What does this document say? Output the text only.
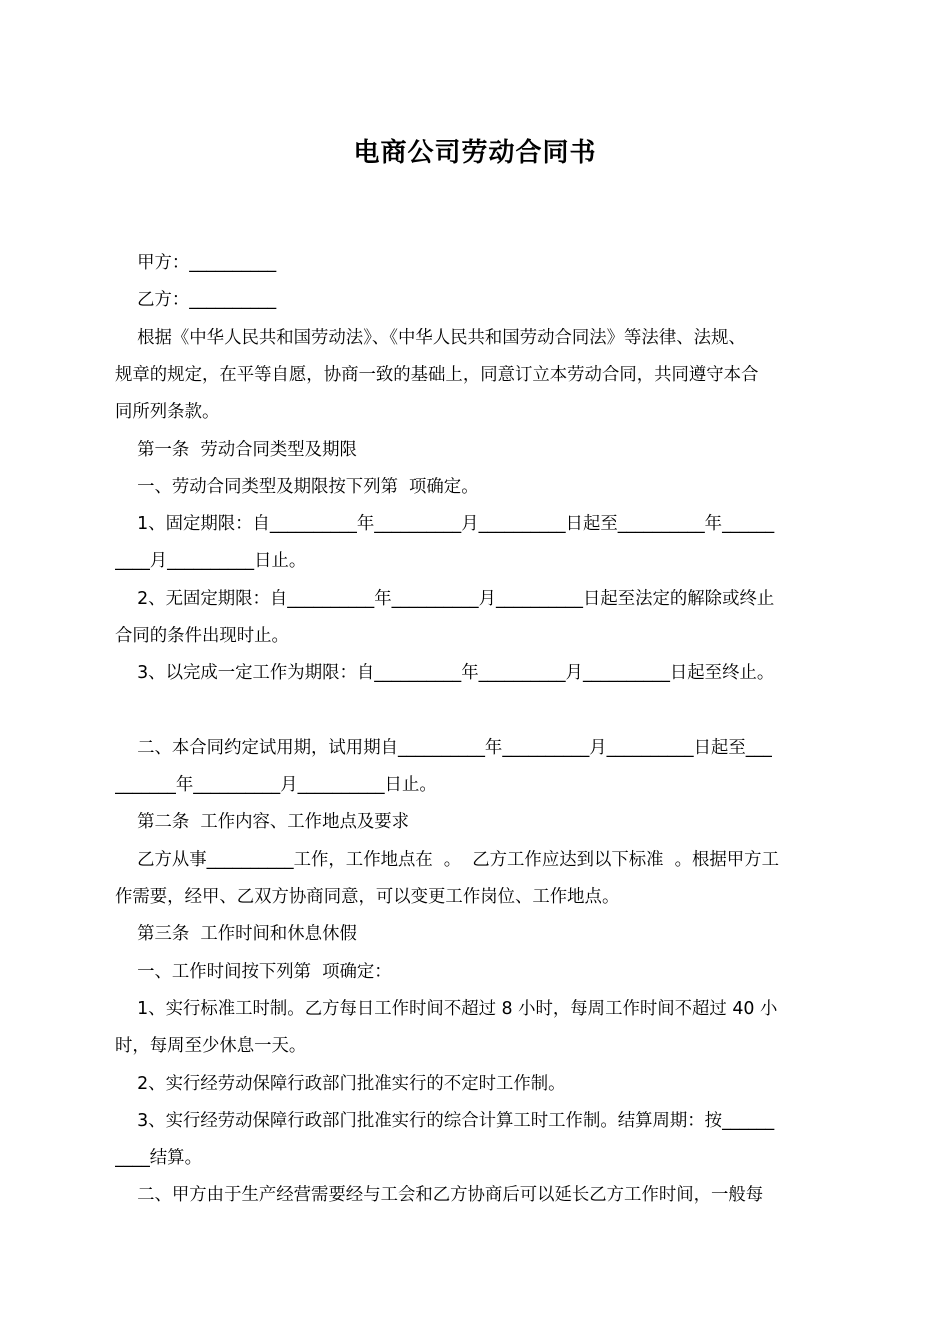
电商公司劳动合同书
甲方：__________
乙方：__________
根据《中华人民共和国劳动法》、《中华人民共和国劳动合同法》等法律、法规、
规章的规定，在平等自愿，协商一致的基础上，同意订立本劳动合同，共同遵守本合
同所列条款。
第一条  劳动合同类型及期限
一、劳动合同类型及期限按下列第  项确定。
1、固定期限：自__________年__________月__________日起至__________年______
____月__________日止。
2、无固定期限：自__________年__________月__________日起至法定的解除或终止
合同的条件出现时止。
3、以完成一定工作为期限：自__________年__________月__________日起至终止。
二、本合同约定试用期，试用期自__________年__________月__________日起至___
_______年__________月__________日止。
第二条  工作内容、工作地点及要求
乙方从事__________工作，工作地点在  。  乙方工作应达到以下标准  。根据甲方工
作需要，经甲、乙双方协商同意，可以变更工作岗位、工作地点。
第三条  工作时间和休息休假
一、工作时间按下列第  项确定：
1、实行标准工时制。乙方每日工作时间不超过 8 小时，每周工作时间不超过 40 小
时，每周至少休息一天。
2、实行经劳动保障行政部门批准实行的不定时工作制。
3、实行经劳动保障行政部门批准实行的综合计算工时工作制。结算周期：按______
____结算。
二、甲方由于生产经营需要经与工会和乙方协商后可以延长乙方工作时间，一般每
